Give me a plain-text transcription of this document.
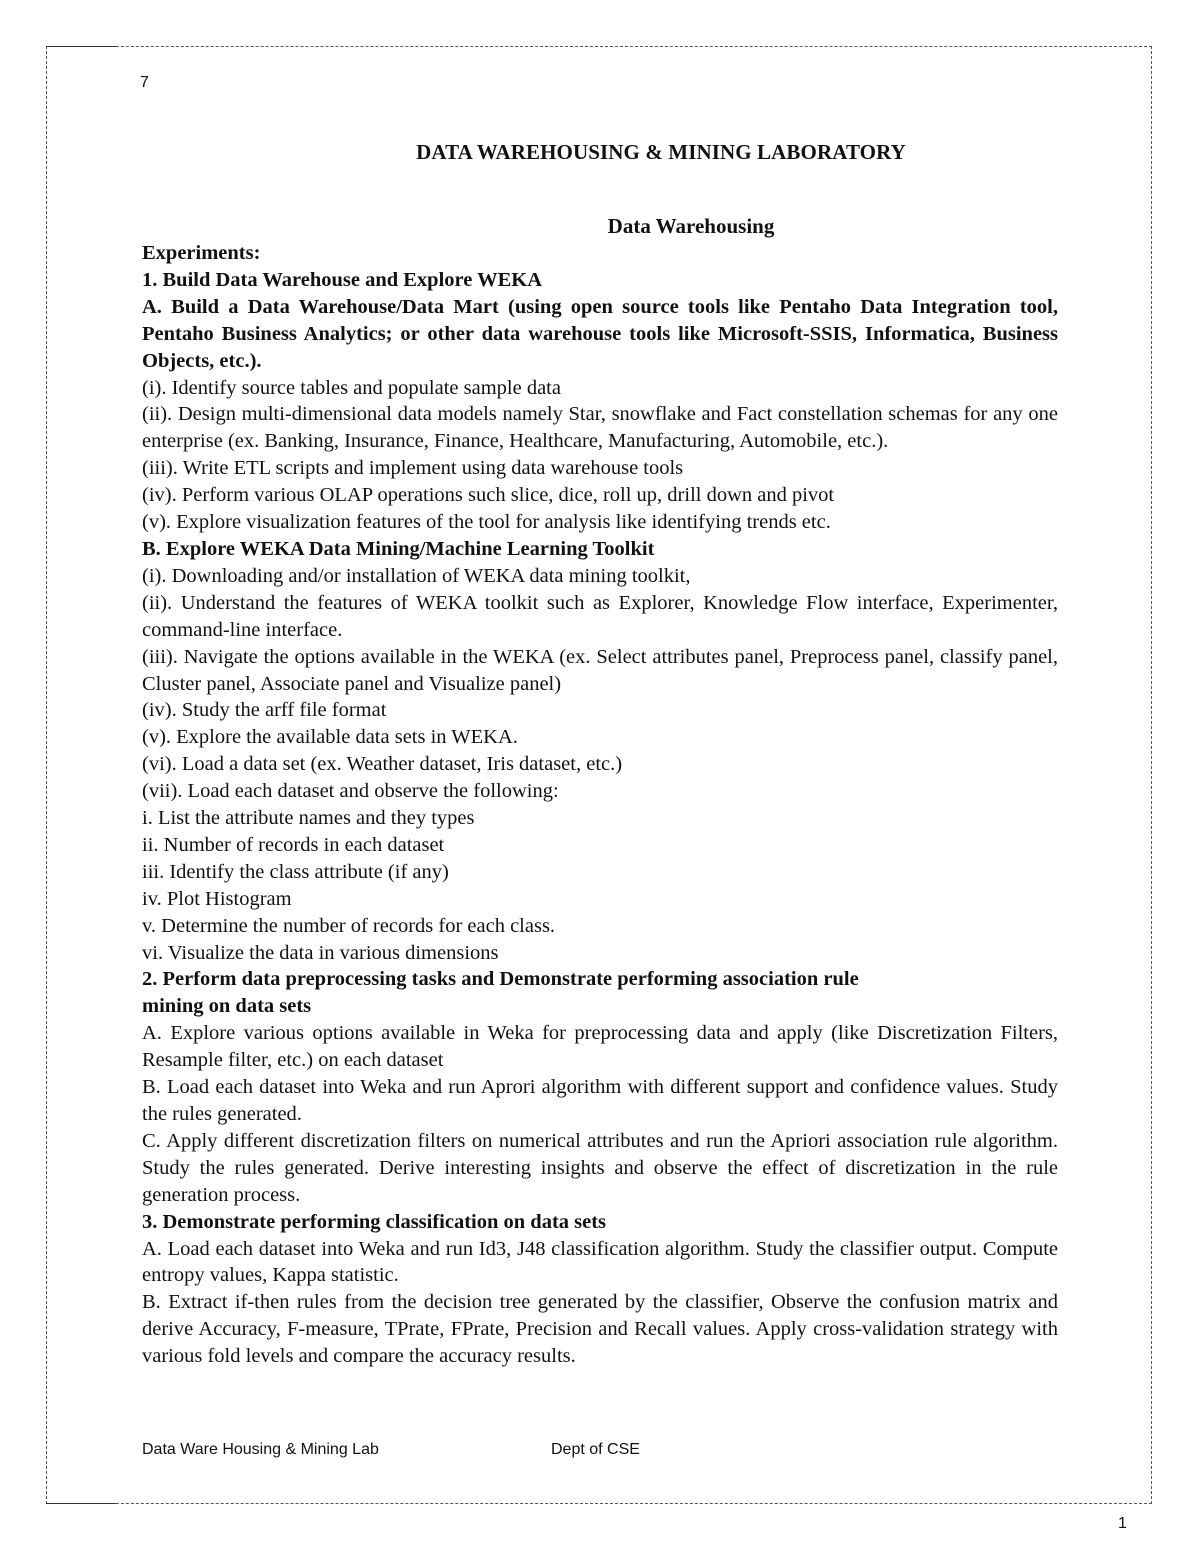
7
DATA WAREHOUSING & MINING LABORATORY
Data Warehousing

Experiments:

1. Build Data Warehouse and Explore WEKA

A. Build a Data Warehouse/Data Mart (using open source tools like Pentaho Data Integration tool, Pentaho Business Analytics; or other data warehouse tools like Microsoft-SSIS, Informatica, Business Objects, etc.).

(i). Identify source tables and populate sample data

(ii). Design multi-dimensional data models namely Star, snowflake and Fact constellation schemas for any one enterprise (ex. Banking, Insurance, Finance, Healthcare, Manufacturing, Automobile, etc.).

(iii). Write ETL scripts and implement using data warehouse tools

(iv). Perform various OLAP operations such slice, dice, roll up, drill down and pivot

(v). Explore visualization features of the tool for analysis like identifying trends etc.

B. Explore WEKA Data Mining/Machine Learning Toolkit

(i). Downloading and/or installation of WEKA data mining toolkit,

(ii). Understand the features of WEKA toolkit such as Explorer, Knowledge Flow interface, Experimenter, command-line interface.

(iii). Navigate the options available in the WEKA (ex. Select attributes panel, Preprocess panel, classify panel, Cluster panel, Associate panel and Visualize panel)

(iv). Study the arff file format

(v). Explore the available data sets in WEKA.

(vi). Load a data set (ex. Weather dataset, Iris dataset, etc.)

(vii). Load each dataset and observe the following:

i. List the attribute names and they types

ii. Number of records in each dataset

iii. Identify the class attribute (if any)

iv. Plot Histogram

v. Determine the number of records for each class.

vi. Visualize the data in various dimensions

2. Perform data preprocessing tasks and Demonstrate performing association rule

mining on data sets

A. Explore various options available in Weka for preprocessing data and apply (like Discretization Filters, Resample filter, etc.) on each dataset

B. Load each dataset into Weka and run Aprori algorithm with different support and confidence values. Study the rules generated.

C. Apply different discretization filters on numerical attributes and run the Apriori association rule algorithm. Study the rules generated. Derive interesting insights and observe the effect of discretization in the rule generation process.

3. Demonstrate performing classification on data sets

A. Load each dataset into Weka and run Id3, J48 classification algorithm. Study the classifier output. Compute entropy values, Kappa statistic.

B. Extract if-then rules from the decision tree generated by the classifier, Observe the confusion matrix and derive Accuracy, F-measure, TPrate, FPrate, Precision and Recall values. Apply cross-validation strategy with various fold levels and compare the accuracy results.

Data Ware Housing & Mining Lab	Dept of CSE
1
